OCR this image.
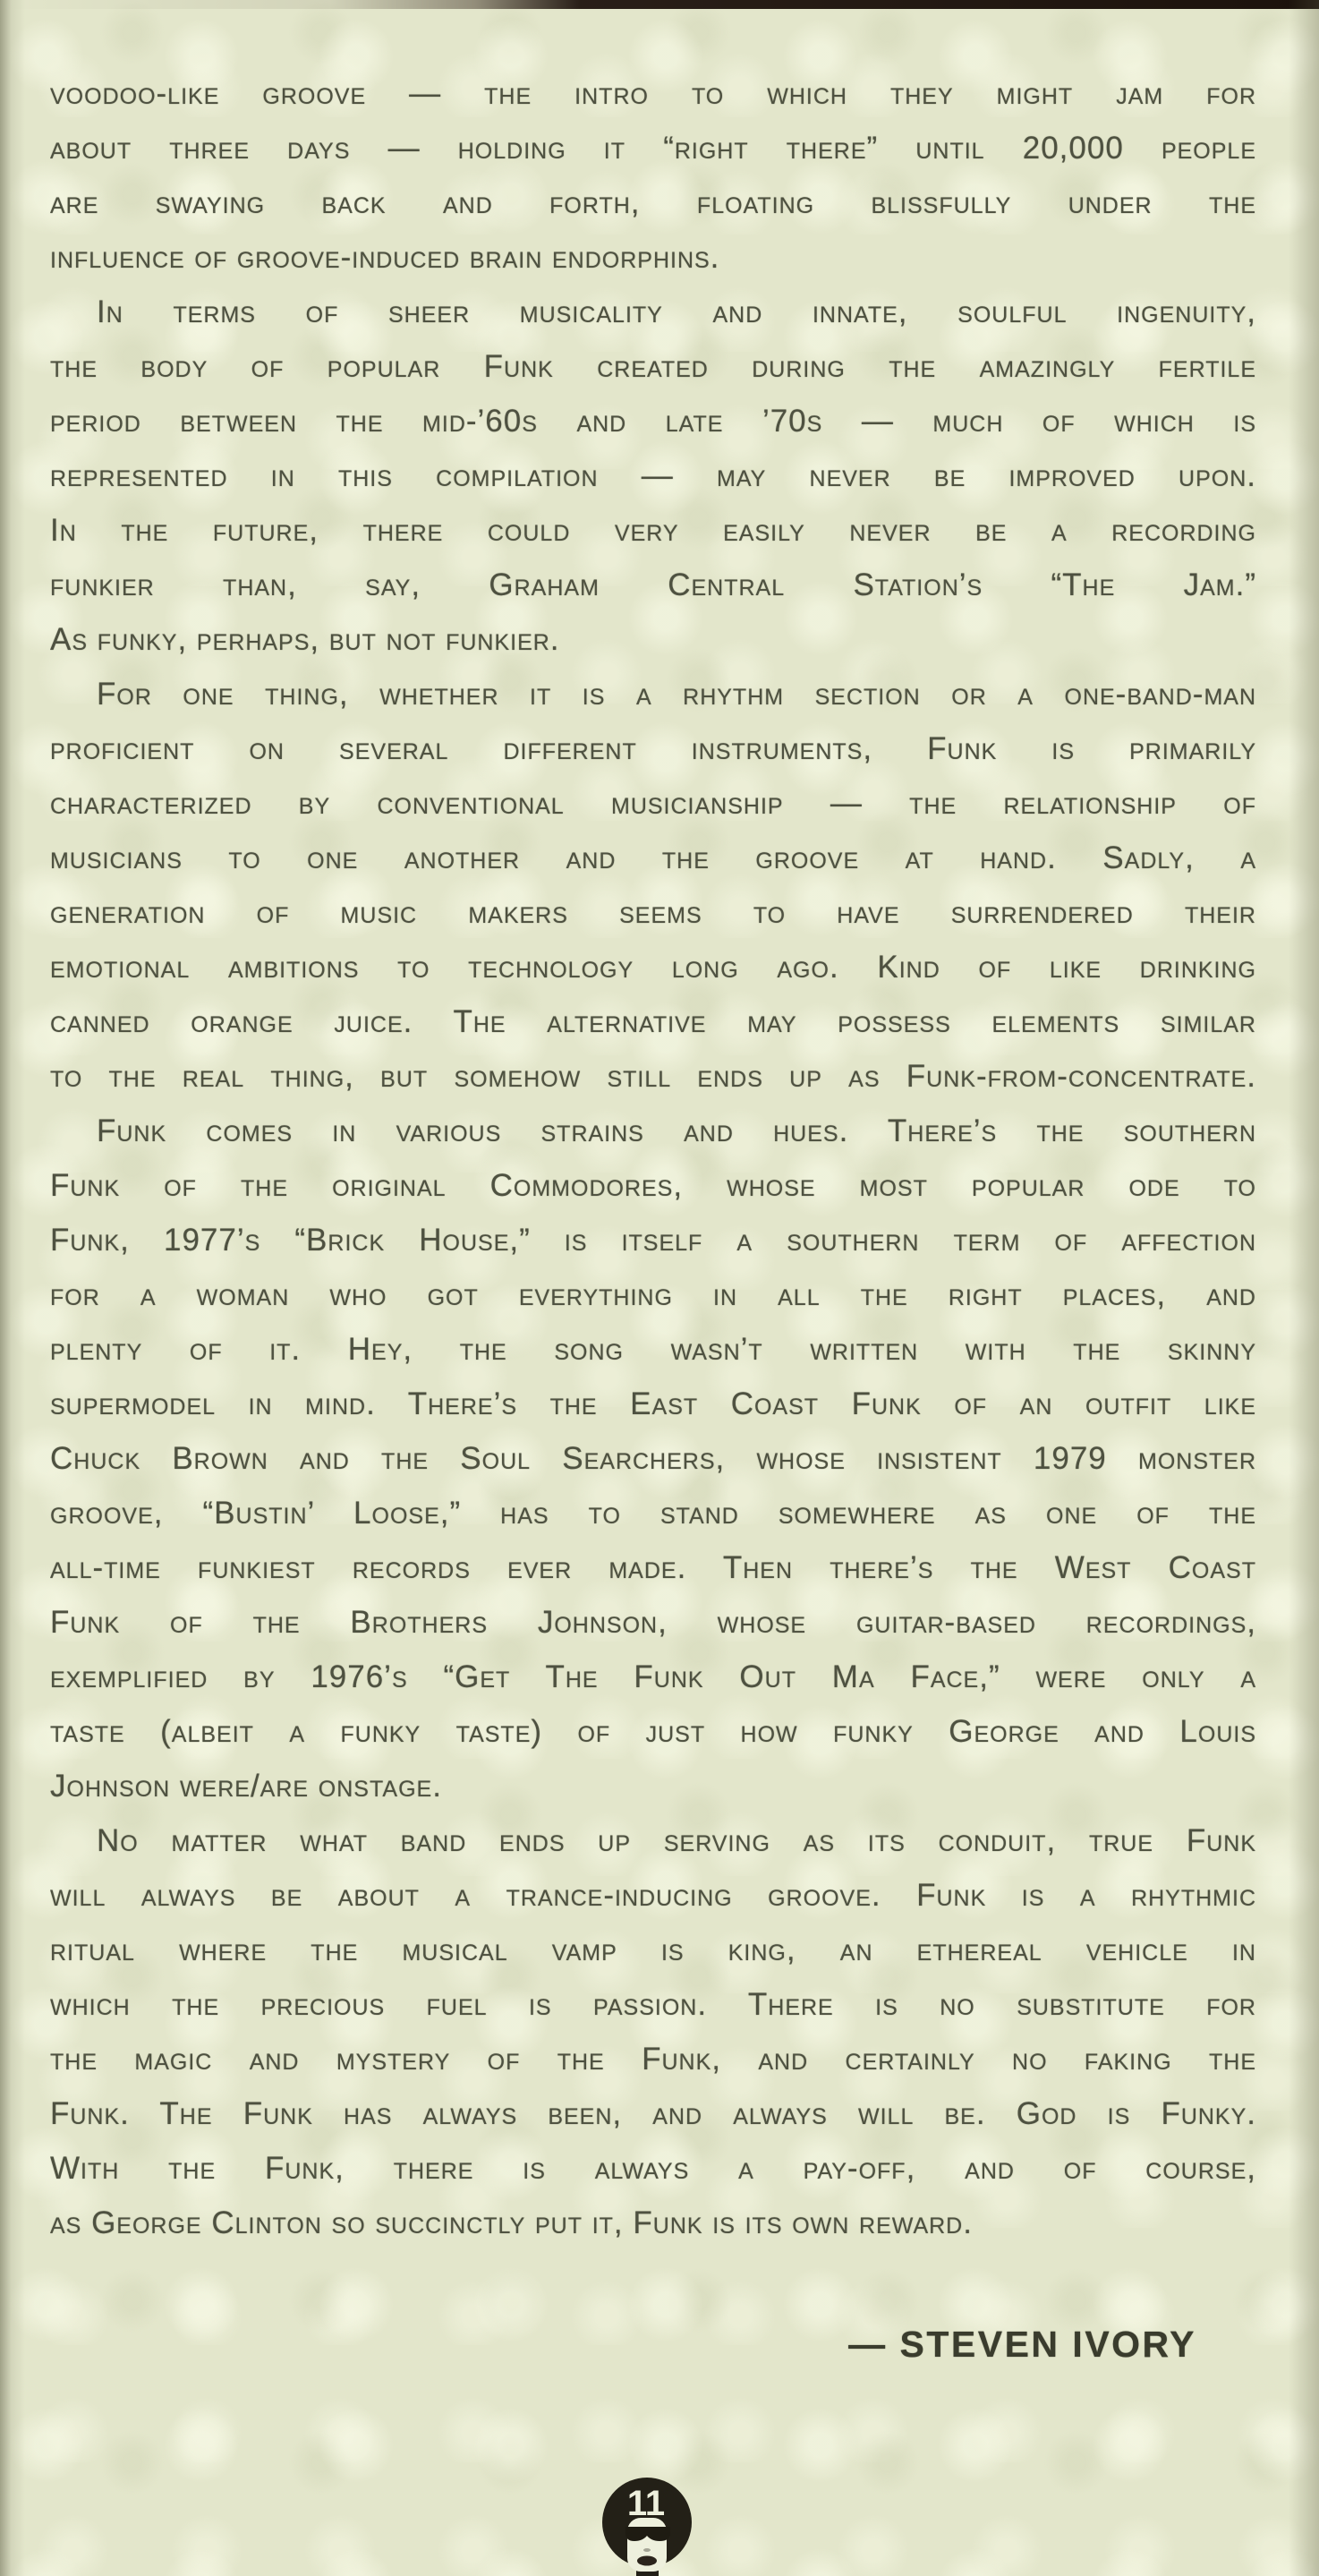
voodoo-like groove — the intro to which they might jam for
about three days — holding it “right there” until 20,000 people
are swaying back and forth, floating blissfully under the
influence of groove-induced brain endorphins.
In terms of sheer musicality and innate, soulful ingenuity,
the body of popular Funk created during the amazingly fertile
period between the mid-’60s and late ’70s — much of which is
represented in this compilation — may never be improved upon.
In the future, there could very easily never be a recording
funkier than, say, Graham Central Station’s “The Jam.”
As funky, perhaps, but not funkier.
For one thing, whether it is a rhythm section or a one-band-man
proficient on several different instruments, Funk is primarily
characterized by conventional musicianship — the relationship of
musicians to one another and the groove at hand. Sadly, a
generation of music makers seems to have surrendered their
emotional ambitions to technology long ago. Kind of like drinking
canned orange juice. The alternative may possess elements similar
to the real thing, but somehow still ends up as Funk-from-concentrate.
Funk comes in various strains and hues. There’s the southern
Funk of the original Commodores, whose most popular ode to
Funk, 1977’s “Brick House,” is itself a southern term of affection
for a woman who got everything in all the right places, and
plenty of it. Hey, the song wasn’t written with the skinny
supermodel in mind. There’s the East Coast Funk of an outfit like
Chuck Brown and the Soul Searchers, whose insistent 1979 monster
groove, “Bustin’ Loose,” has to stand somewhere as one of the
all-time funkiest records ever made. Then there’s the West Coast
Funk of the Brothers Johnson, whose guitar-based recordings,
exemplified by 1976’s “Get The Funk Out Ma Face,” were only a
taste (albeit a funky taste) of just how funky George and Louis
Johnson were/are onstage.
No matter what band ends up serving as its conduit, true Funk
will always be about a trance-inducing groove. Funk is a rhythmic
ritual where the musical vamp is king, an ethereal vehicle in
which the precious fuel is passion. There is no substitute for
the magic and mystery of the Funk, and certainly no faking the
Funk. The Funk has always been, and always will be. God is Funky.
With the Funk, there is always a pay-off, and of course,
as George Clinton so succinctly put it, Funk is its own reward.
— STEVEN IVORY
11
